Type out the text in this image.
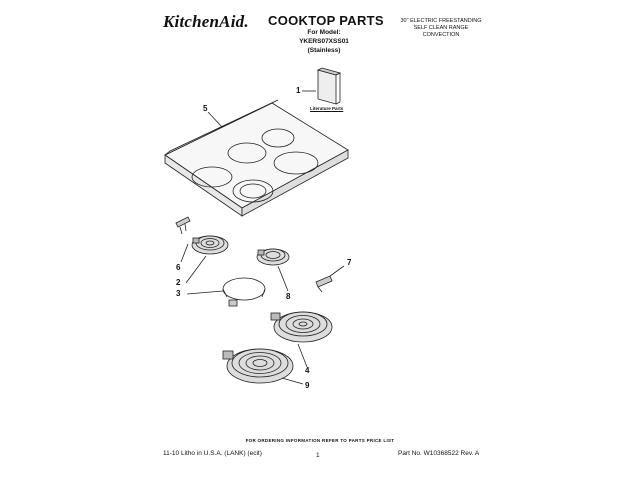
KitchenAid. COOKTOP PARTS
For Model: YKERS07XSS01
(Stainless)
30" ELECTRIC FREESTANDING
SELF CLEAN RANGE
CONVECTION
1
2
3
4
5
6
7
8
9
Literature Parts
FOR ORDERING INFORMATION REFER TO PARTS PRICE LIST
11-10 Litho in U.S.A. (LANK) (ecit)	1	Part No. W10368522 Rev. A
